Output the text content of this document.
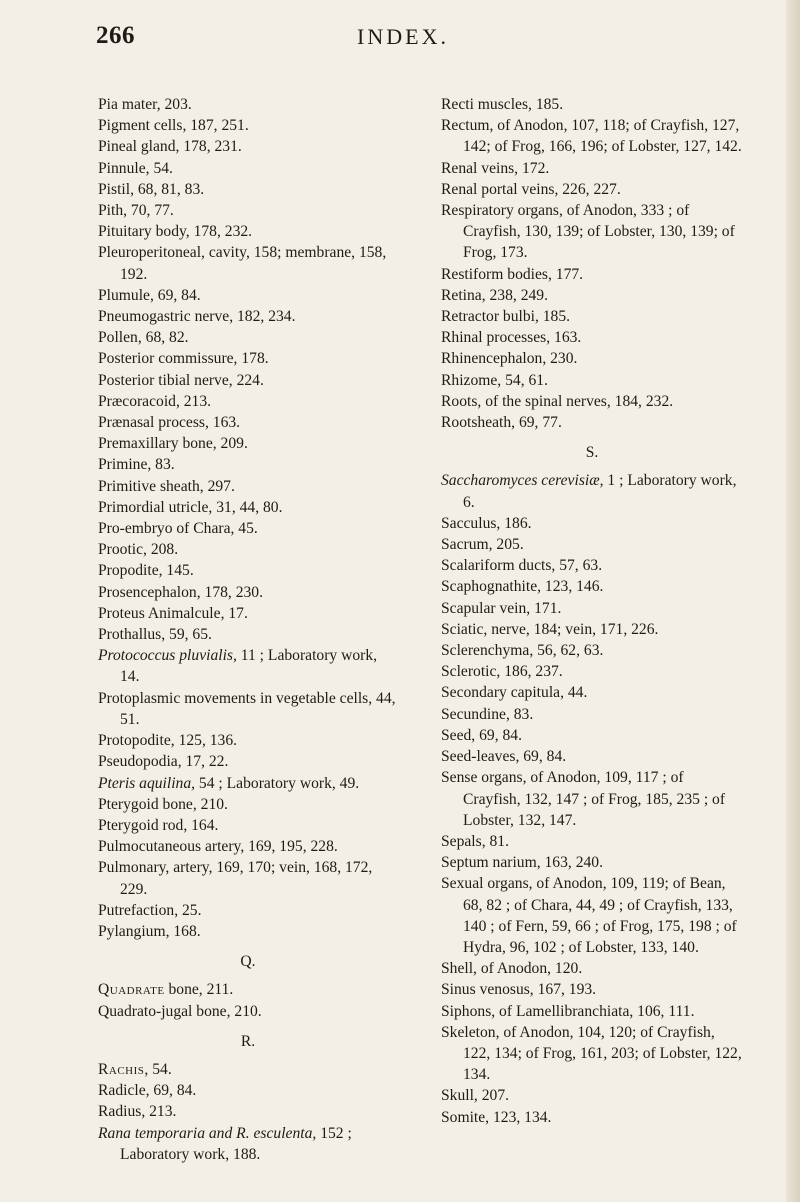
266	INDEX.
Pia mater, 203.
Pigment cells, 187, 251.
Pineal gland, 178, 231.
Pinnule, 54.
Pistil, 68, 81, 83.
Pith, 70, 77.
Pituitary body, 178, 232.
Pleuroperitoneal, cavity, 158; membrane, 158, 192.
Plumule, 69, 84.
Pneumogastric nerve, 182, 234.
Pollen, 68, 82.
Posterior commissure, 178.
Posterior tibial nerve, 224.
Præcoracoid, 213.
Prænasal process, 163.
Premaxillary bone, 209.
Primine, 83.
Primitive sheath, 297.
Primordial utricle, 31, 44, 80.
Pro-embryo of Chara, 45.
Prootic, 208.
Propodite, 145.
Prosencephalon, 178, 230.
Proteus Animalcule, 17.
Prothallus, 59, 65.
Protococcus pluvialis, 11 ; Laboratory work, 14.
Protoplasmic movements in vegetable cells, 44, 51.
Protopodite, 125, 136.
Pseudopodia, 17, 22.
Pteris aquilina, 54 ; Laboratory work, 49.
Pterygoid bone, 210.
Pterygoid rod, 164.
Pulmocutaneous artery, 169, 195, 228.
Pulmonary, artery, 169, 170; vein, 168, 172, 229.
Putrefaction, 25.
Pylangium, 168.
Q.
Quadrate bone, 211.
Quadrato-jugal bone, 210.
R.
Rachis, 54.
Radicle, 69, 84.
Radius, 213.
Rana temporaria and R. esculenta, 152 ; Laboratory work, 188.
Recti muscles, 185.
Rectum, of Anodon, 107, 118; of Crayfish, 127, 142; of Frog, 166, 196; of Lobster, 127, 142.
Renal veins, 172.
Renal portal veins, 226, 227.
Respiratory organs, of Anodon, 333 ; of Crayfish, 130, 139; of Lobster, 130, 139; of Frog, 173.
Restiform bodies, 177.
Retina, 238, 249.
Retractor bulbi, 185.
Rhinal processes, 163.
Rhinencephalon, 230.
Rhizome, 54, 61.
Roots, of the spinal nerves, 184, 232.
Rootsheath, 69, 77.
S.
Saccharomyces cerevisiæ, 1 ; Laboratory work, 6.
Sacculus, 186.
Sacrum, 205.
Scalariform ducts, 57, 63.
Scaphognathite, 123, 146.
Scapular vein, 171.
Sciatic, nerve, 184; vein, 171, 226.
Sclerenchyma, 56, 62, 63.
Sclerotic, 186, 237.
Secondary capitula, 44.
Secundine, 83.
Seed, 69, 84.
Seed-leaves, 69, 84.
Sense organs, of Anodon, 109, 117 ; of Crayfish, 132, 147 ; of Frog, 185, 235 ; of Lobster, 132, 147.
Sepals, 81.
Septum narium, 163, 240.
Sexual organs, of Anodon, 109, 119; of Bean, 68, 82 ; of Chara, 44, 49 ; of Crayfish, 133, 140 ; of Fern, 59, 66 ; of Frog, 175, 198 ; of Hydra, 96, 102 ; of Lobster, 133, 140.
Shell, of Anodon, 120.
Sinus venosus, 167, 193.
Siphons, of Lamellibranchiata, 106, 111.
Skeleton, of Anodon, 104, 120; of Crayfish, 122, 134; of Frog, 161, 203; of Lobster, 122, 134.
Skull, 207.
Somite, 123, 134.
